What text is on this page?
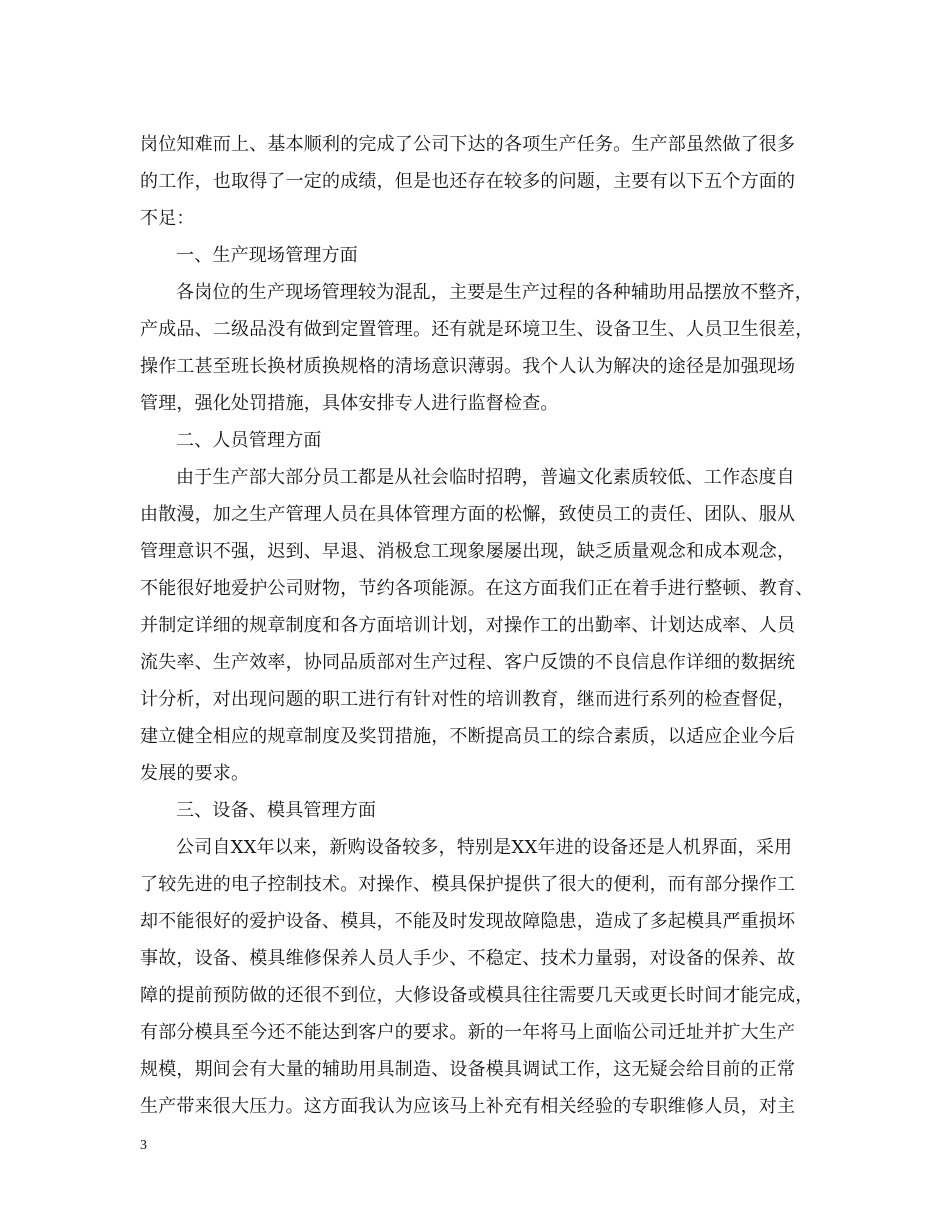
岗位知难而上、基本顺利的完成了公司下达的各项生产任务。生产部虽然做了很多
的工作，也取得了一定的成绩，但是也还存在较多的问题，主要有以下五个方面的
不足：
一、生产现场管理方面
各岗位的生产现场管理较为混乱，主要是生产过程的各种辅助用品摆放不整齐，
产成品、二级品没有做到定置管理。还有就是环境卫生、设备卫生、人员卫生很差，
操作工甚至班长换材质换规格的清场意识薄弱。我个人认为解决的途径是加强现场
管理，强化处罚措施，具体安排专人进行监督检查。
二、人员管理方面
由于生产部大部分员工都是从社会临时招聘，普遍文化素质较低、工作态度自
由散漫，加之生产管理人员在具体管理方面的松懈，致使员工的责任、团队、服从
管理意识不强，迟到、早退、消极怠工现象屡屡出现，缺乏质量观念和成本观念，
不能很好地爱护公司财物，节约各项能源。在这方面我们正在着手进行整顿、教育、
并制定详细的规章制度和各方面培训计划，对操作工的出勤率、计划达成率、人员
流失率、生产效率，协同品质部对生产过程、客户反馈的不良信息作详细的数据统
计分析，对出现问题的职工进行有针对性的培训教育，继而进行系列的检查督促，
建立健全相应的规章制度及奖罚措施，不断提高员工的综合素质，以适应企业今后
发展的要求。
三、设备、模具管理方面
公司自XX年以来，新购设备较多，特别是XX年进的设备还是人机界面，采用
了较先进的电子控制技术。对操作、模具保护提供了很大的便利，而有部分操作工
却不能很好的爱护设备、模具，不能及时发现故障隐患，造成了多起模具严重损坏
事故，设备、模具维修保养人员人手少、不稳定、技术力量弱，对设备的保养、故
障的提前预防做的还很不到位，大修设备或模具往往需要几天或更长时间才能完成，
有部分模具至今还不能达到客户的要求。新的一年将马上面临公司迁址并扩大生产
规模，期间会有大量的辅助用具制造、设备模具调试工作，这无疑会给目前的正常
生产带来很大压力。这方面我认为应该马上补充有相关经验的专职维修人员，对主
3
